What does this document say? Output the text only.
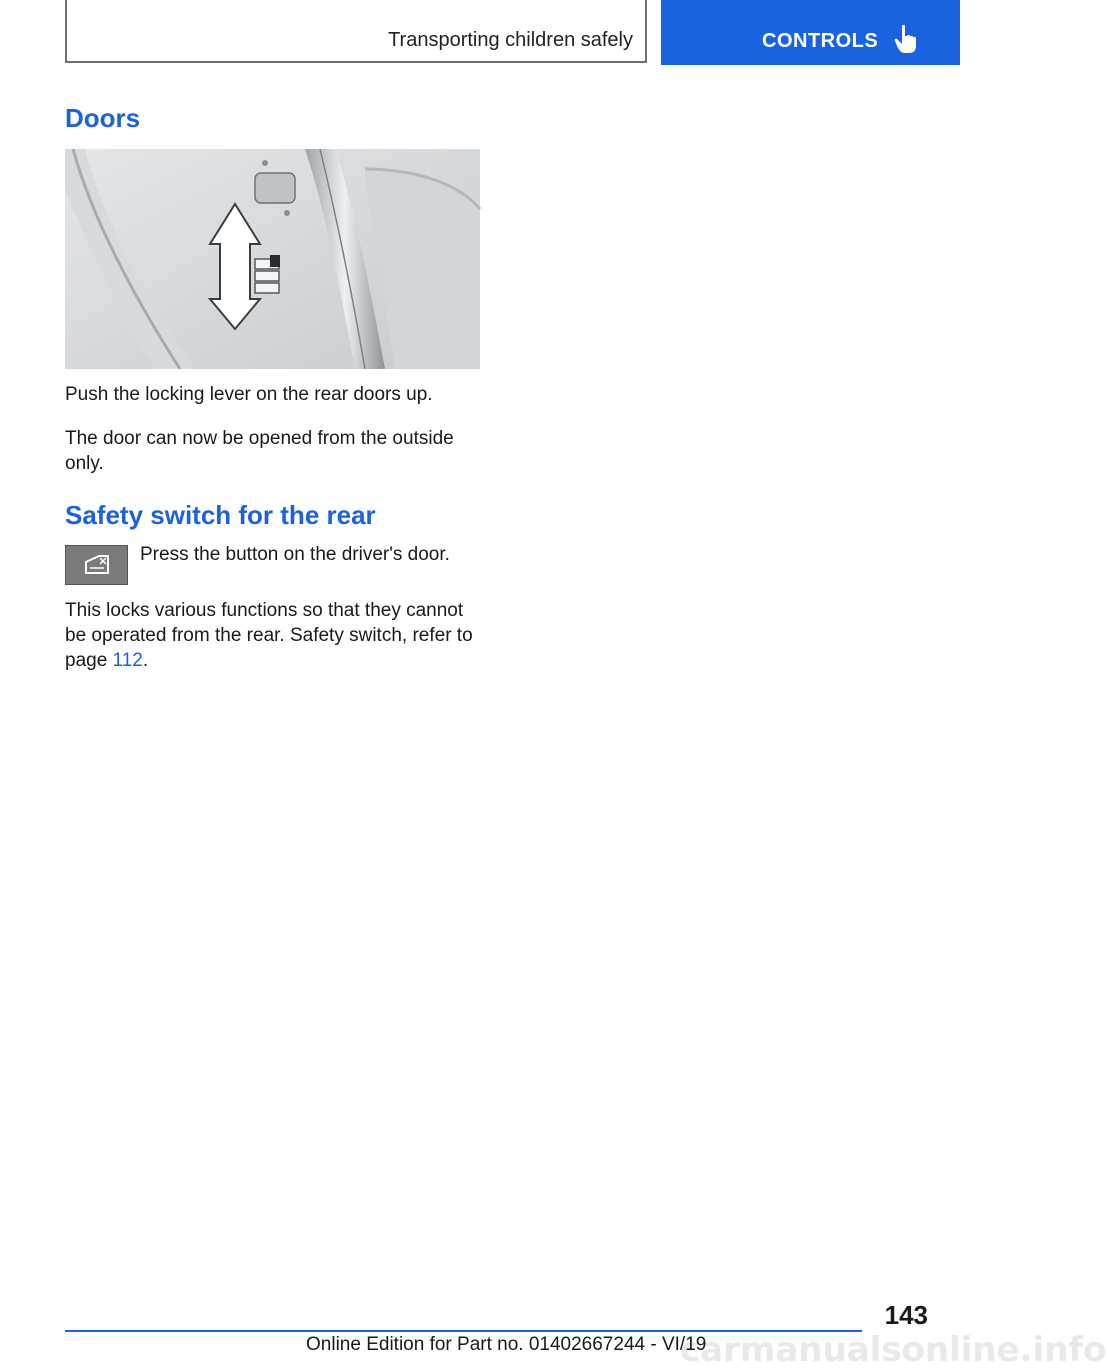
Transporting children safely	CONTROLS
Doors

Push the locking lever on the rear doors up.

The door can now be opened from the outside only.

Safety switch for the rear
Press the button on the driver's door.

This locks various functions so that they cannot be operated from the rear. Safety switch, refer to page 112.

143
carmanualsonline.info
Online Edition for Part no. 01402667244 - VI/19
